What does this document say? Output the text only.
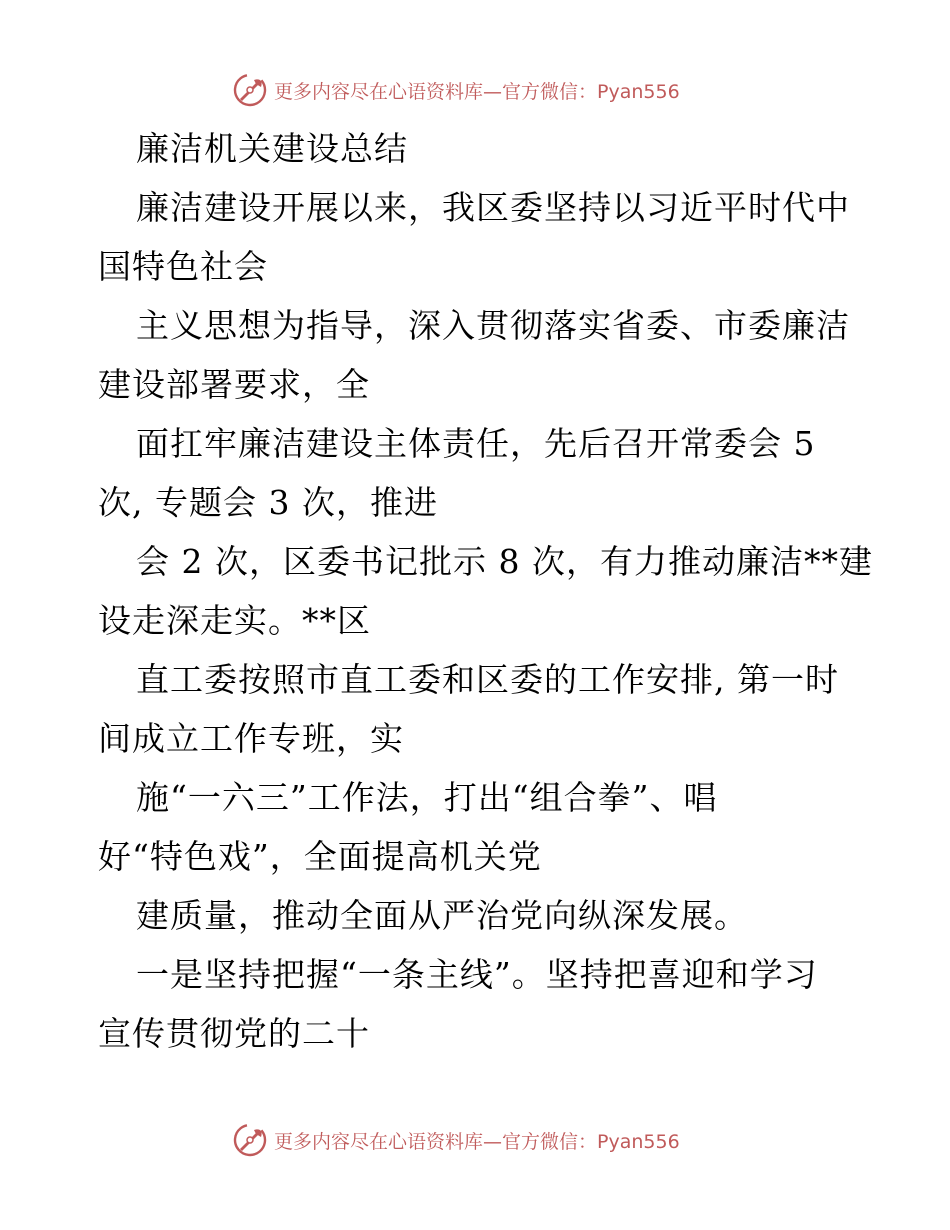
更多内容尽在心语资料库—官方微信：Pyan556
廉洁机关建设总结
廉洁建设开展以来，我区委坚持以习近平时代中
国特色社会
主义思想为指导，深入贯彻落实省委、市委廉洁
建设部署要求，全
面扛牢廉洁建设主体责任，先后召开常委会 5
次, 专题会 3 次，推进
会 2 次，区委书记批示 8 次，有力推动廉洁**建
设走深走实。**区
直工委按照市直工委和区委的工作安排, 第一时
间成立工作专班，实
施“一六三”工作法，打出“组合拳”、唱
好“特色戏”，全面提高机关党
建质量，推动全面从严治党向纵深发展。
一是坚持把握“一条主线”。坚持把喜迎和学习
宣传贯彻党的二十
更多内容尽在心语资料库—官方微信：Pyan556
